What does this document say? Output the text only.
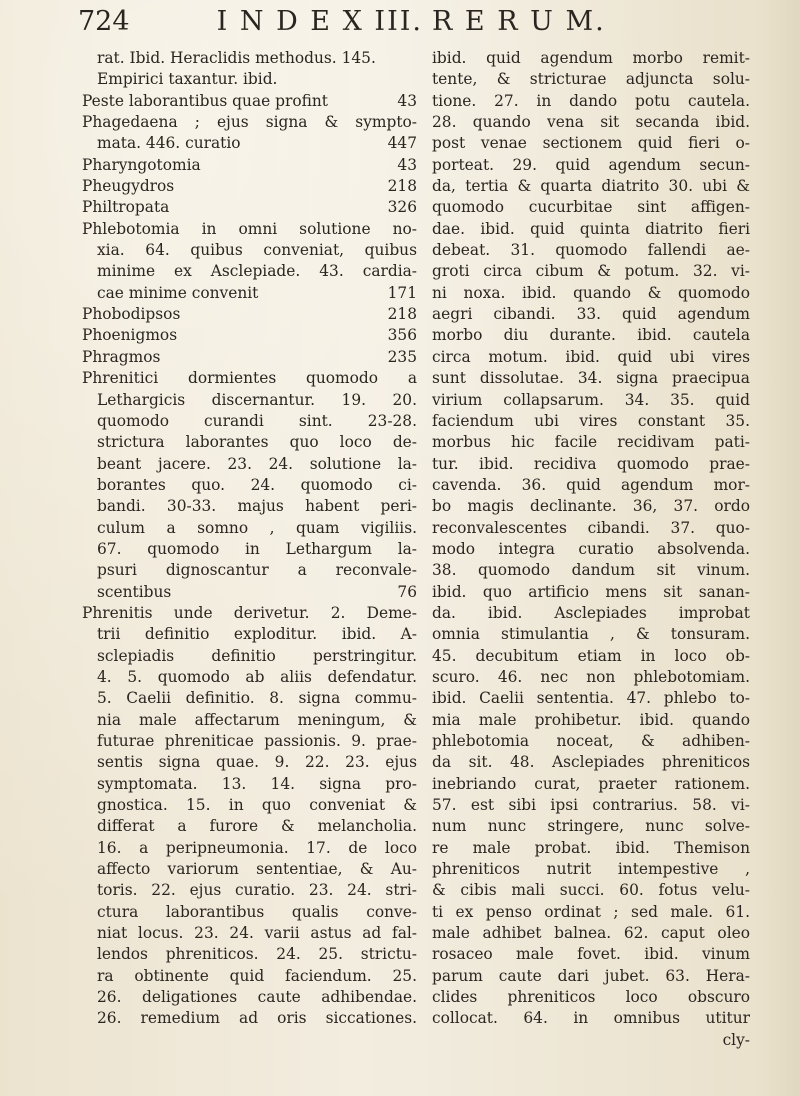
724	I N D E X III. R E R U M.
rat. Ibid. Heraclidis methodus. 145.
Empirici taxantur. ibid.
Peste laborantibus quae profint	43
Phagedaena ; ejus signa & sympto-
mata. 446. curatio	447
Pharyngotomia	43
Pheugydros	218
Philtropata	326
Phlebotomia in omni solutione no-
xia. 64. quibus conveniat, quibus
minime ex Asclepiade. 43. cardia-
cae minime convenit	171
Phobodipsos	218
Phoenigmos	356
Phragmos	235
Phrenitici dormientes quomodo a
Lethargicis discernantur. 19. 20.
quomodo curandi sint. 23-28.
strictura laborantes quo loco de-
beant jacere. 23. 24. solutione la-
borantes quo. 24. quomodo ci-
bandi. 30-33. majus habent peri-
culum a somno , quam vigiliis.
67. quomodo in Lethargum la-
psuri dignoscantur a reconvale-
scentibus	76
Phrenitis unde derivetur. 2. Deme-
trii definitio exploditur. ibid. A-
sclepiadis definitio perstringitur.
4. 5. quomodo ab aliis defendatur.
5. Caelii definitio. 8. signa commu-
nia male affectarum meningum, &
futurae phreniticae passionis. 9. prae-
sentis signa quae. 9. 22. 23. ejus
symptomata. 13. 14. signa pro-
gnostica. 15. in quo conveniat &
differat a furore & melancholia.
16. a peripneumonia. 17. de loco
affecto variorum sententiae, & Au-
toris. 22. ejus curatio. 23. 24. stri-
ctura laborantibus qualis conve-
niat locus. 23. 24. varii astus ad fal-
lendos phreniticos. 24. 25. strictu-
ra obtinente quid faciendum. 25.
26. deligationes caute adhibendae.
26. remedium ad oris siccationes.
ibid. quid agendum morbo remit-
tente, & stricturae adjuncta solu-
tione. 27. in dando potu cautela.
28. quando vena sit secanda ibid.
post venae sectionem quid fieri o-
porteat. 29. quid agendum secun-
da, tertia & quarta diatrito 30. ubi &
quomodo cucurbitae sint affigen-
dae. ibid. quid quinta diatrito fieri
debeat. 31. quomodo fallendi ae-
groti circa cibum & potum. 32. vi-
ni noxa. ibid. quando & quomodo
aegri cibandi. 33. quid agendum
morbo diu durante. ibid. cautela
circa motum. ibid. quid ubi vires
sunt dissolutae. 34. signa praecipua
virium collapsarum. 34. 35. quid
faciendum ubi vires constant 35.
morbus hic facile recidivam pati-
tur. ibid. recidiva quomodo prae-
cavenda. 36. quid agendum mor-
bo magis declinante. 36, 37. ordo
reconvalescentes cibandi. 37. quo-
modo integra curatio absolvenda.
38. quomodo dandum sit vinum.
ibid. quo artificio mens sit sanan-
da. ibid. Asclepiades improbat
omnia stimulantia , & tonsuram.
45. decubitum etiam in loco ob-
scuro. 46. nec non phlebotomiam.
ibid. Caelii sententia. 47. phlebo to-
mia male prohibetur. ibid. quando
phlebotomia noceat, & adhiben-
da sit. 48. Asclepiades phreniticos
inebriando curat, praeter rationem.
57. est sibi ipsi contrarius. 58. vi-
num nunc stringere, nunc solve-
re male probat. ibid. Themison
phreniticos nutrit intempestive ,
& cibis mali succi. 60. fotus velu-
ti ex penso ordinat ; sed male. 61.
male adhibet balnea. 62. caput oleo
rosaceo male fovet. ibid. vinum
parum caute dari jubet. 63. Hera-
clides phreniticos loco obscuro
collocat. 64. in omnibus utitur
cly-
